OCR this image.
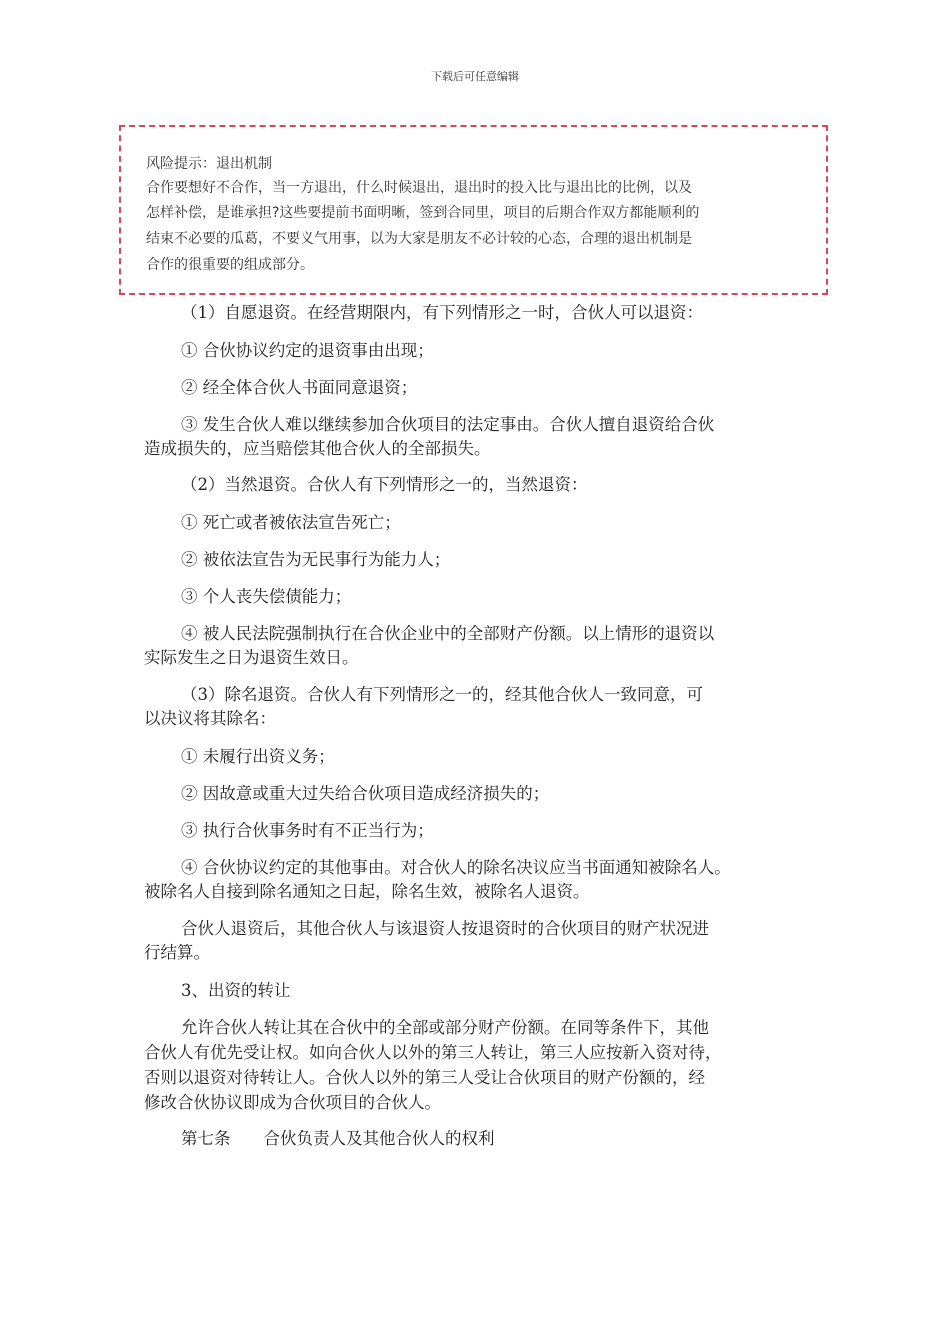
下载后可任意编辑
风险提示：退出机制
合作要想好不合作，当一方退出，什么时候退出，退出时的投入比与退出比的比例，以及
怎样补偿，是谁承担?这些要提前书面明晰，签到合同里，项目的后期合作双方都能顺利的
结束不必要的瓜葛，不要义气用事，以为大家是朋友不必计较的心态，合理的退出机制是
合作的很重要的组成部分。
（1）自愿退资。在经营期限内，有下列情形之一时，合伙人可以退资：
① 合伙协议约定的退资事由出现；
② 经全体合伙人书面同意退资；
③ 发生合伙人难以继续参加合伙项目的法定事由。合伙人擅自退资给合伙
造成损失的，应当赔偿其他合伙人的全部损失。
（2）当然退资。合伙人有下列情形之一的，当然退资：
① 死亡或者被依法宣告死亡；
② 被依法宣告为无民事行为能力人；
③ 个人丧失偿债能力；
④ 被人民法院强制执行在合伙企业中的全部财产份额。以上情形的退资以
实际发生之日为退资生效日。
（3）除名退资。合伙人有下列情形之一的，经其他合伙人一致同意，可
以决议将其除名：
① 未履行出资义务；
② 因故意或重大过失给合伙项目造成经济损失的；
③ 执行合伙事务时有不正当行为；
④ 合伙协议约定的其他事由。对合伙人的除名决议应当书面通知被除名人。
被除名人自接到除名通知之日起，除名生效，被除名人退资。
合伙人退资后，其他合伙人与该退资人按退资时的合伙项目的财产状况进
行结算。
3、出资的转让
允许合伙人转让其在合伙中的全部或部分财产份额。在同等条件下，其他
合伙人有优先受让权。如向合伙人以外的第三人转让，第三人应按新入资对待，
否则以退资对待转让人。合伙人以外的第三人受让合伙项目的财产份额的，经
修改合伙协议即成为合伙项目的合伙人。
第七条　　合伙负责人及其他合伙人的权利
